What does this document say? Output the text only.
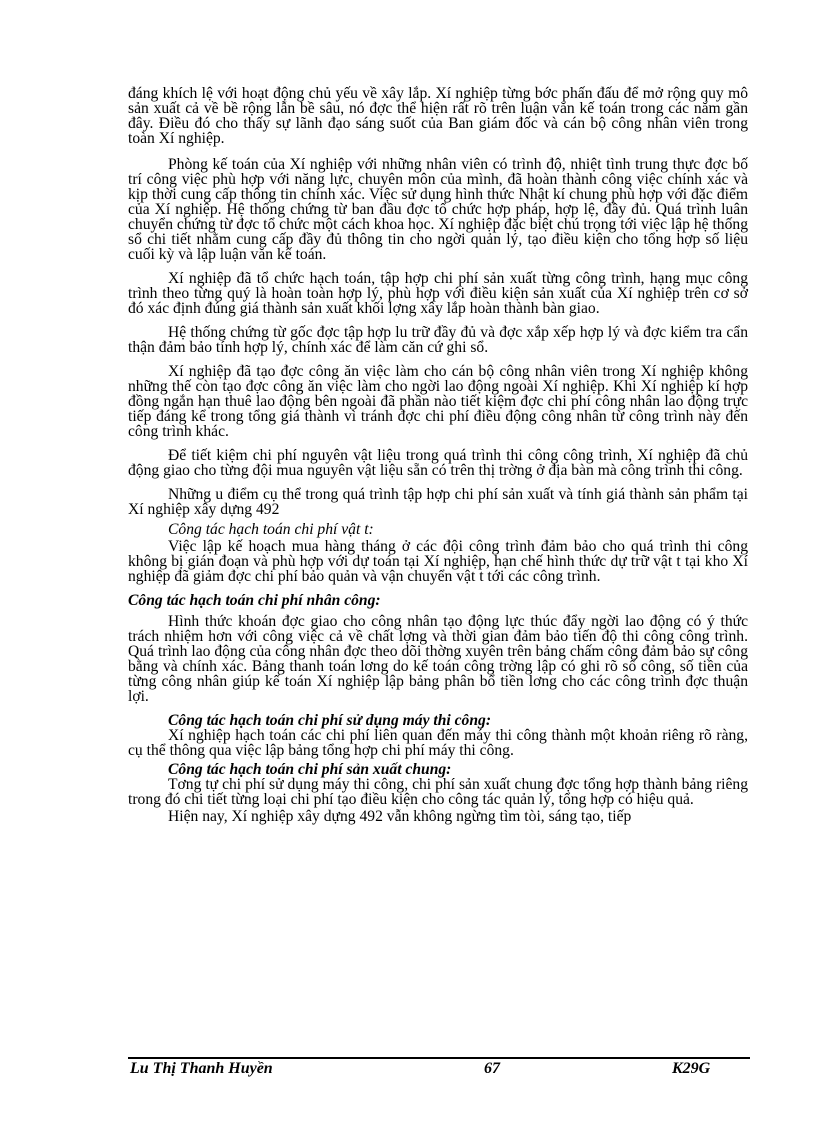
đáng khích lệ với hoạt động chủ yếu về xây lắp. Xí nghiệp từng bớc phấn đấu để mở rộng quy mô sản xuất cả về bề rộng lẫn bề sâu, nó đợc thể hiện rất rõ trên luận văn kế toán trong các năm gần đây. Điều đó cho thấy sự lãnh đạo sáng suốt của Ban giám đốc và cán bộ công nhân viên trong toàn Xí nghiệp.

Phòng kế toán của Xí nghiệp với những nhân viên có trình độ, nhiệt tình trung thực đợc bố trí công việc phù hợp với năng lực, chuyên môn của mình, đã hoàn thành công việc chính xác và kịp thời cung cấp thông tin chính xác. Việc sử dụng hình thức Nhật kí chung phù hợp với đặc điểm của Xí nghiệp. Hệ thống chứng từ ban đầu đợc tổ chức hợp pháp, hợp lệ, đầy đủ. Quá trình luân chuyển chứng từ đợc tổ chức một cách khoa học. Xí nghiệp đặc biệt chú trọng tới việc lập hệ thống sổ chi tiết nhằm cung cấp đầy đủ thông tin cho ngời quản lý, tạo điều kiện cho tổng hợp số liệu cuối kỳ và lập luận văn kế toán.

Xí nghiệp đã tổ chức hạch toán, tập hợp chi phí sản xuất từng công trình, hạng mục công trình theo từng quý là hoàn toàn hợp lý, phù hợp với điều kiện sản xuất của Xí nghiệp trên cơ sở đó xác định đúng giá thành sản xuất khối lợng xây lắp hoàn thành bàn giao.

Hệ thống chứng từ gốc đợc tập hợp lu trữ đầy đủ và đợc xắp xếp hợp lý và đợc kiểm tra cẩn thận đảm bảo tính hợp lý, chính xác để làm căn cứ ghi sổ.

Xí nghiệp đã tạo đợc công ăn việc làm cho cán bộ công nhân viên trong Xí nghiệp không những thế còn tạo đợc công ăn việc làm cho ngời lao động ngoài Xí nghiệp. Khi Xí nghiệp kí hợp đồng ngắn hạn thuê lao động bên ngoài đã phần nào tiết kiệm đợc chi phí công nhân lao động trực tiếp đáng kể trong tổng giá thành vì tránh đợc chi phí điều động công nhân từ công trình này đến công trình khác.

Để tiết kiệm chi phí nguyên vật liệu trong quá trình thi công công trình, Xí nghiệp đã chủ động giao cho từng đội mua nguyên vật liệu sẵn có trên thị trờng ở địa bàn mà công trình thi công.

Những u điểm cụ thể trong quá trình tập hợp chi phí sản xuất và tính giá thành sản phẩm tại Xí nghiệp xây dựng 492

Công tác hạch toán chi phí vật t:

Việc lập kế hoạch mua hàng tháng ở các đội công trình đảm bảo cho quá trình thi công không bị gián đoạn và phù hợp với dự toán tại Xí nghiệp, hạn chế hình thức dự trữ vật t tại kho Xí nghiệp đã giảm đợc chi phí bảo quản và vận chuyển vật t tới các công trình.

Công tác hạch toán chi phí nhân công:

Hình thức khoán đợc giao cho công nhân tạo động lực thúc đẩy ngời lao động có ý thức trách nhiệm hơn với công việc cả về chất lợng và thời gian đảm bảo tiến độ thi công công trình. Quá trình lao động của công nhân đợc theo dõi thờng xuyên trên bảng chấm công đảm bảo sự công bằng và chính xác. Bảng thanh toán lơng do kế toán công trờng lập có ghi rõ số công, số tiền của từng công nhân giúp kế toán Xí nghiệp lập bảng phân bổ tiền lơng cho các công trình đợc thuận lợi.

Công tác hạch toán chi phí sử dụng máy thi công:

Xí nghiệp hạch toán các chi phí liên quan đến máy thi công thành một khoản riêng rõ ràng, cụ thể thông qua việc lập bảng tổng hợp chi phí máy thi công.

Công tác hạch toán chi phí sản xuất chung:

Tơng tự chi phí sử dụng máy thi công, chi phí sản xuất chung đợc tổng hợp thành bảng riêng trong đó chi tiết từng loại chi phí tạo điều kiện cho công tác quản lý, tổng hợp có hiệu quả.

Hiện nay, Xí nghiệp xây dựng 492 vẫn không ngừng tìm tòi, sáng tạo, tiếp

Lu Thị Thanh Huyền	67	K29G
